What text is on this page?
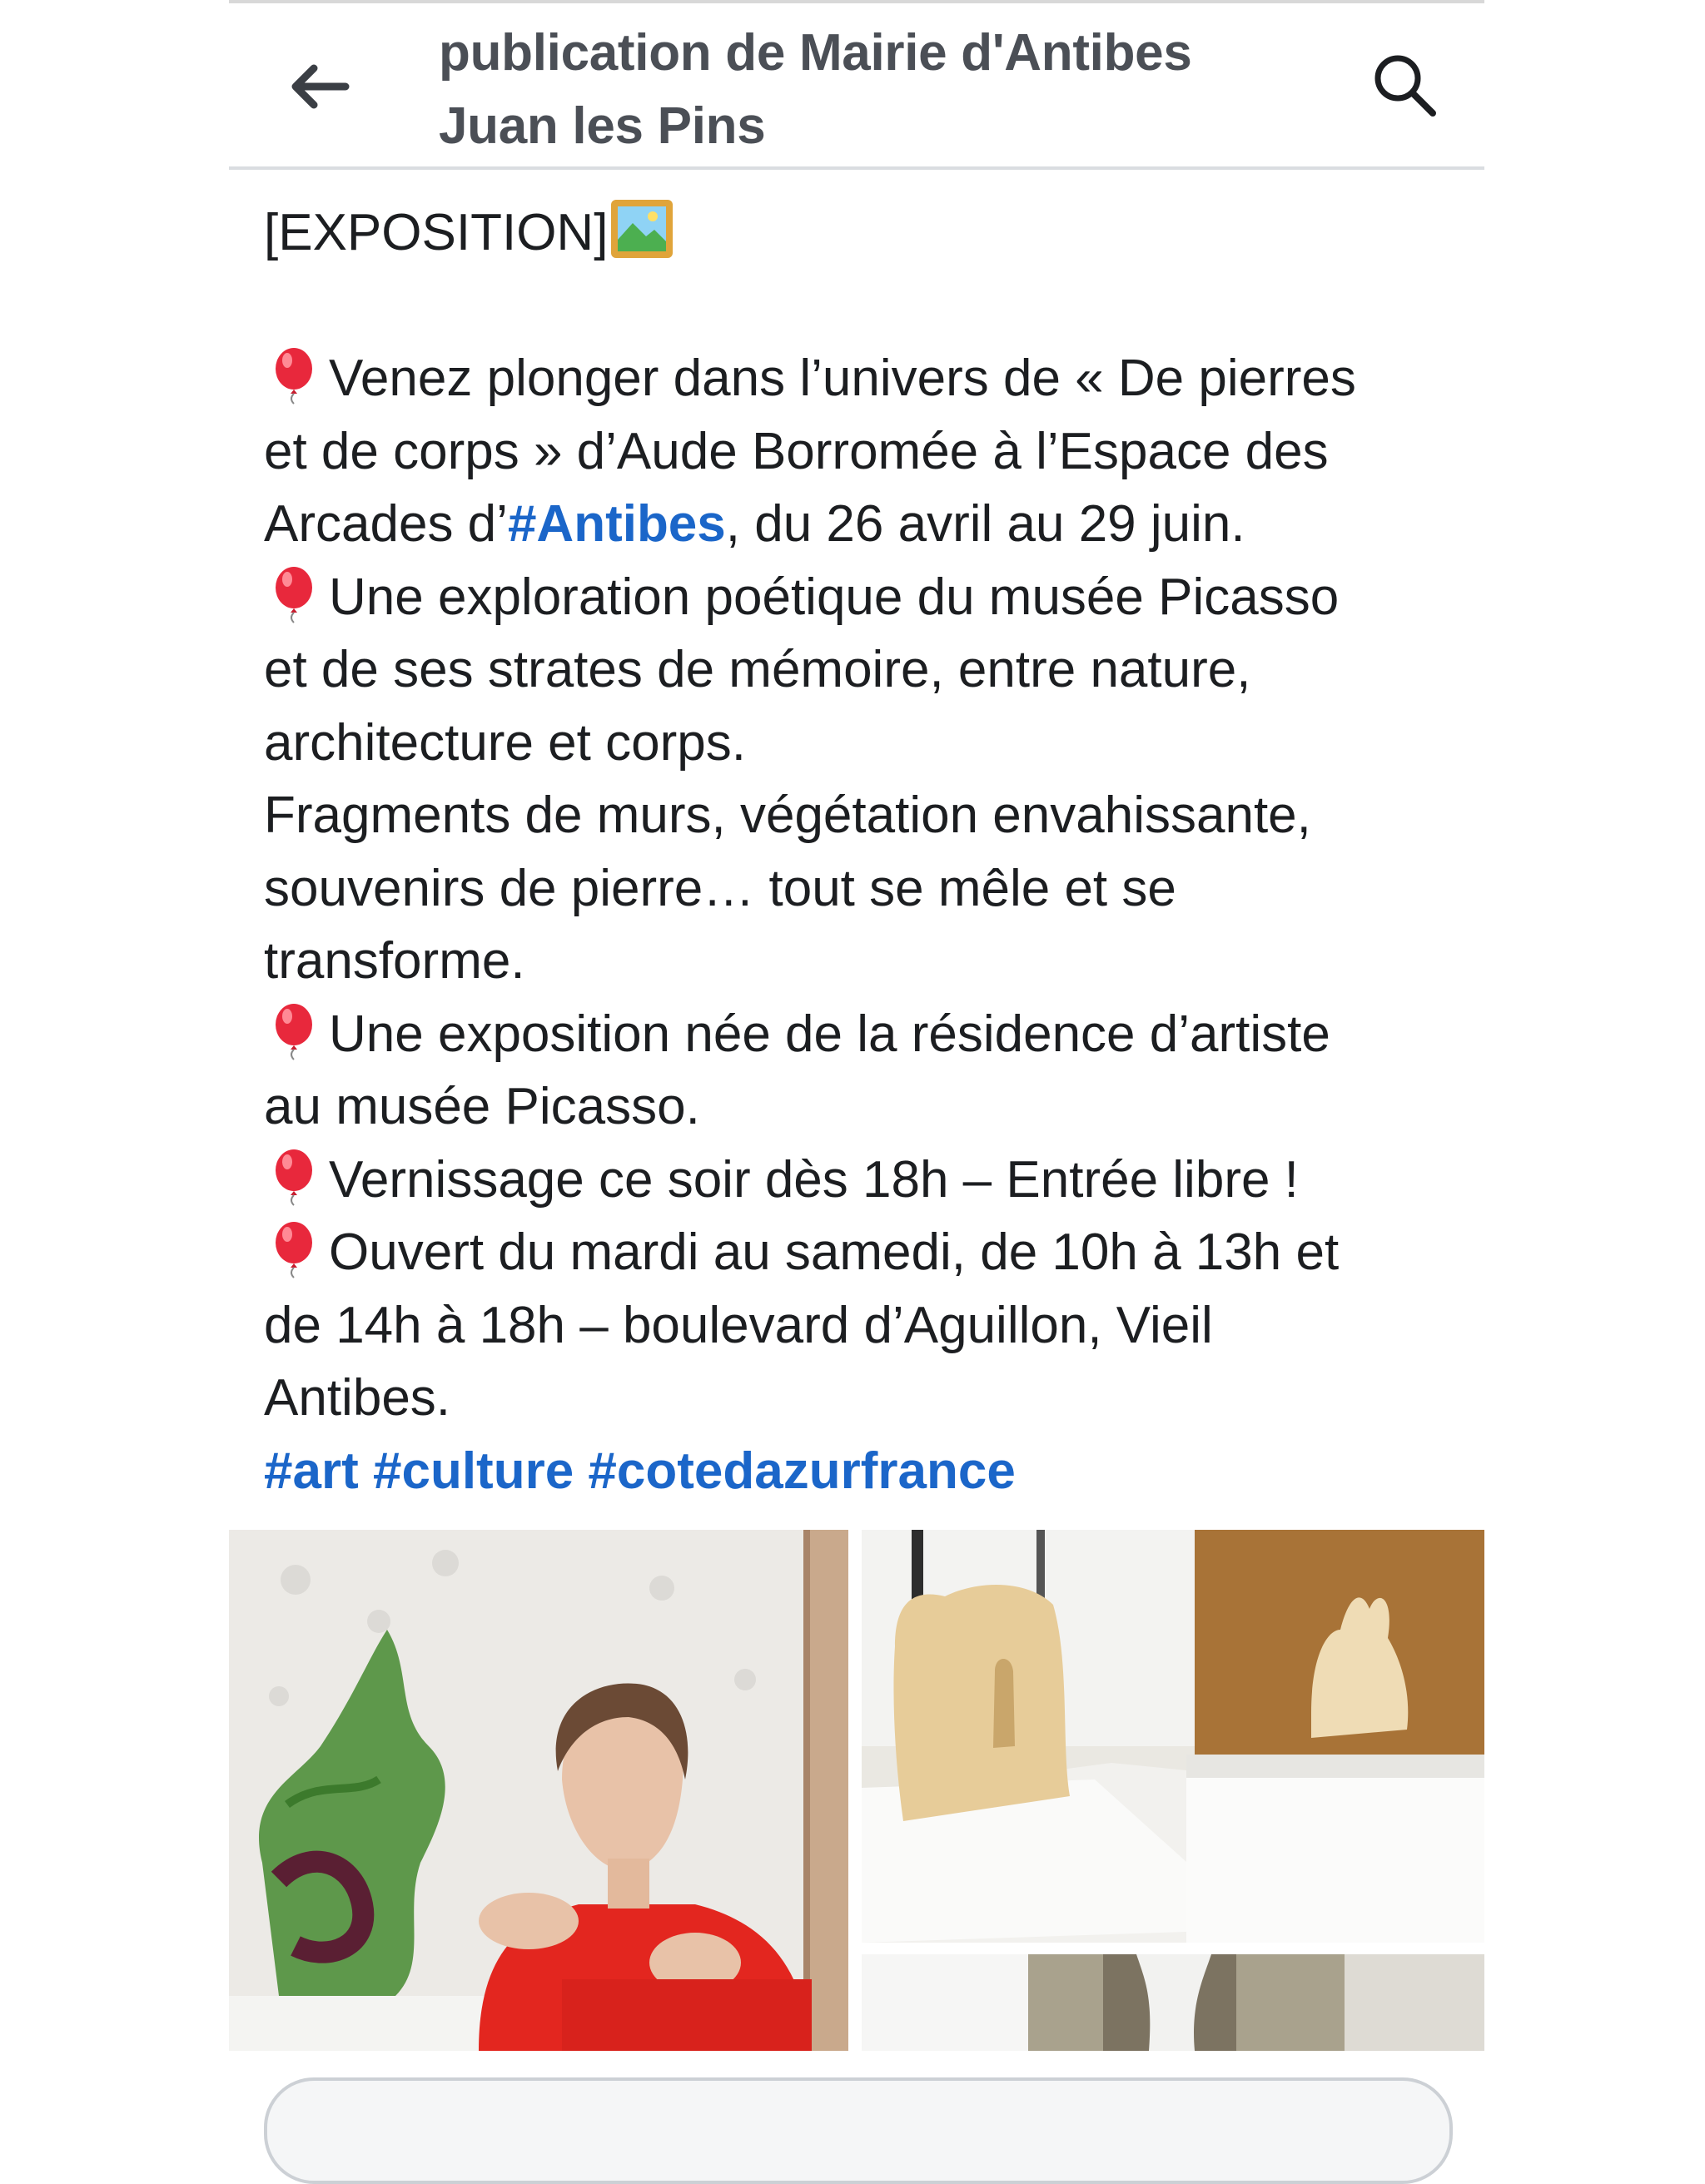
publication de Mairie d'Antibes
Juan les Pins

[EXPOSITION]

Venez plonger dans l’univers de « De pierres

et de corps » d’Aude Borromée à l’Espace des

Arcades d’#Antibes, du 26 avril au 29 juin.

Une exploration poétique du musée Picasso

et de ses strates de mémoire, entre nature,

architecture et corps.

Fragments de murs, végétation envahissante,

souvenirs de pierre… tout se mêle et se

transforme.

Une exposition née de la résidence d’artiste

au musée Picasso.

Vernissage ce soir dès 18h – Entrée libre !

Ouvert du mardi au samedi, de 10h à 13h et

de 14h à 18h – boulevard d’Aguillon, Vieil

Antibes.

#art #culture #cotedazurfrance
